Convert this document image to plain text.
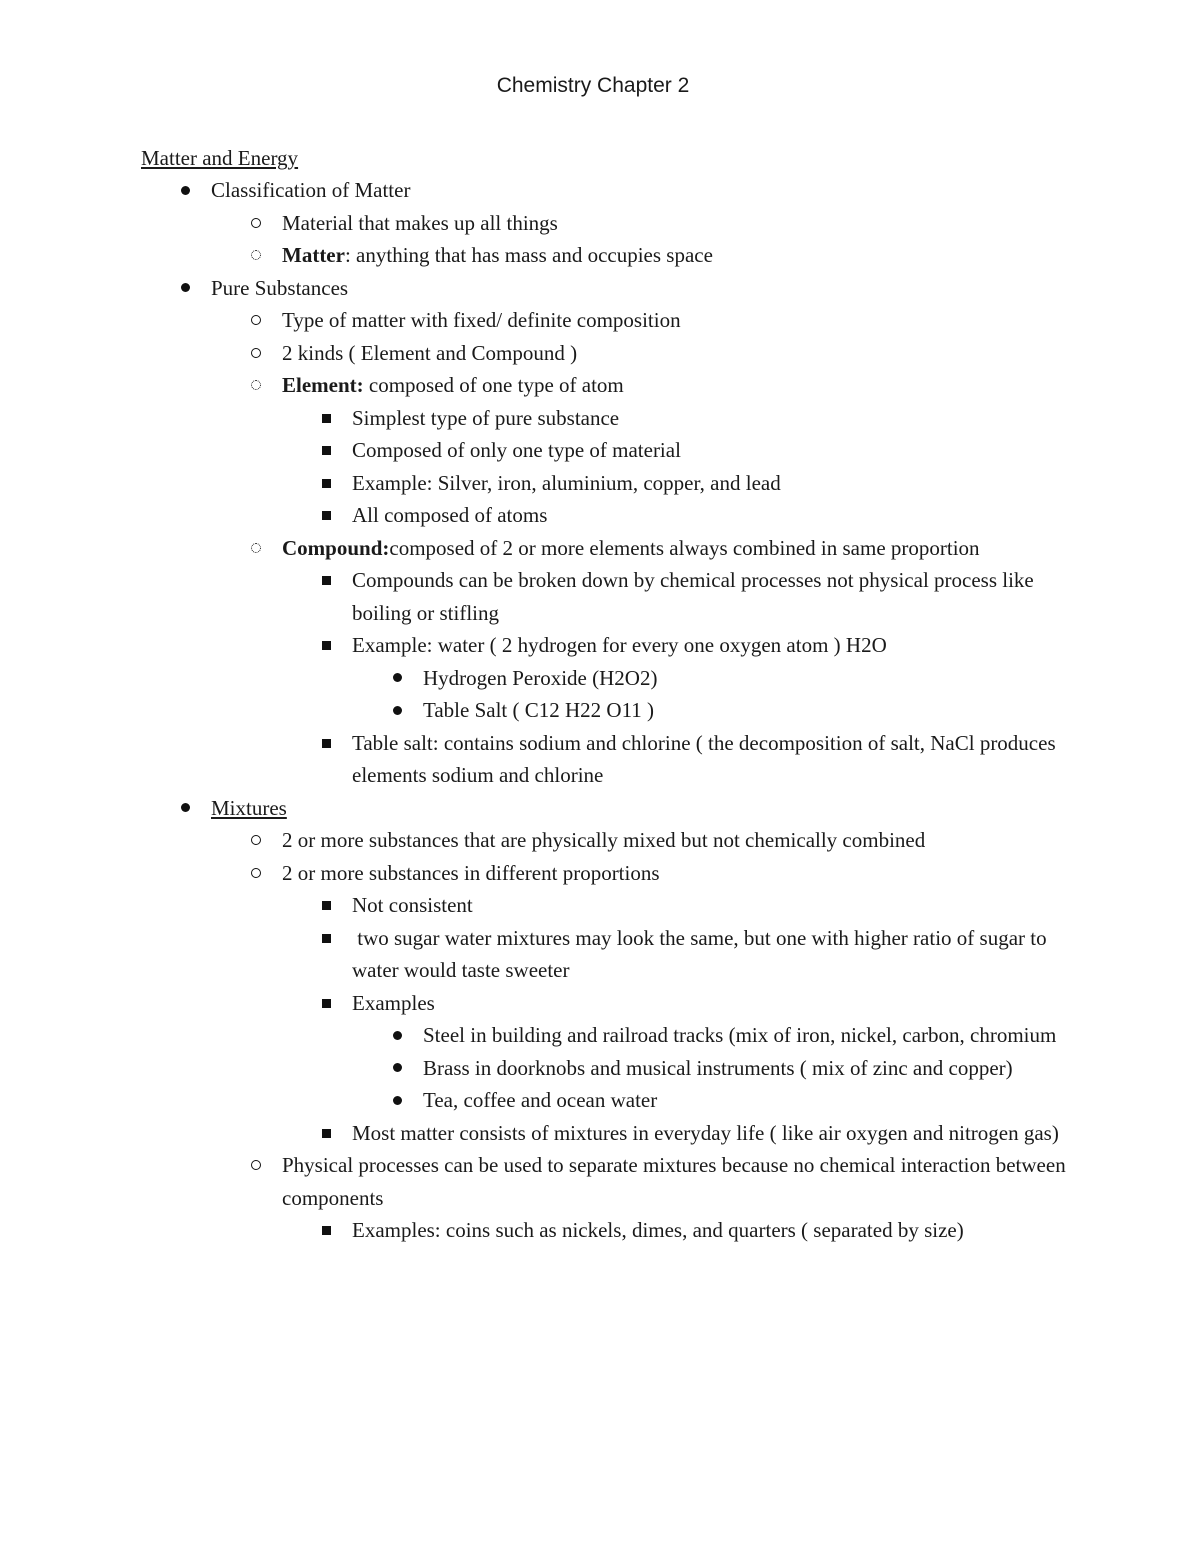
Chemistry Chapter 2
Matter and Energy
Classification of Matter
Material that makes up all things
Matter: anything that has mass and occupies space
Pure Substances
Type of matter with fixed/ definite composition
2 kinds ( Element and Compound )
Element: composed of one type of atom
Simplest type of pure substance
Composed of only one type of material
Example: Silver, iron, aluminium, copper, and lead
All composed of atoms
Compound:composed of 2 or more elements always combined in same proportion
Compounds can be broken down by chemical processes not physical process like boiling or stifling
Example: water ( 2 hydrogen for every one oxygen atom ) H2O
Hydrogen Peroxide (H2O2)
Table Salt ( C12 H22 O11 )
Table salt: contains sodium and chlorine ( the decomposition of salt, NaCl produces elements sodium and chlorine
Mixtures
2 or more substances that are physically mixed but not chemically combined
2 or more substances in different proportions
Not consistent
two sugar water mixtures may look the same, but one with higher ratio of sugar to water would taste sweeter
Examples
Steel in building and railroad tracks (mix of iron, nickel, carbon, chromium
Brass in doorknobs and musical instruments ( mix of zinc and copper)
Tea, coffee and ocean water
Most matter consists of mixtures in everyday life ( like air oxygen and nitrogen gas)
Physical processes can be used to separate mixtures because no chemical interaction between components
Examples: coins such as nickels, dimes, and quarters ( separated by size)
